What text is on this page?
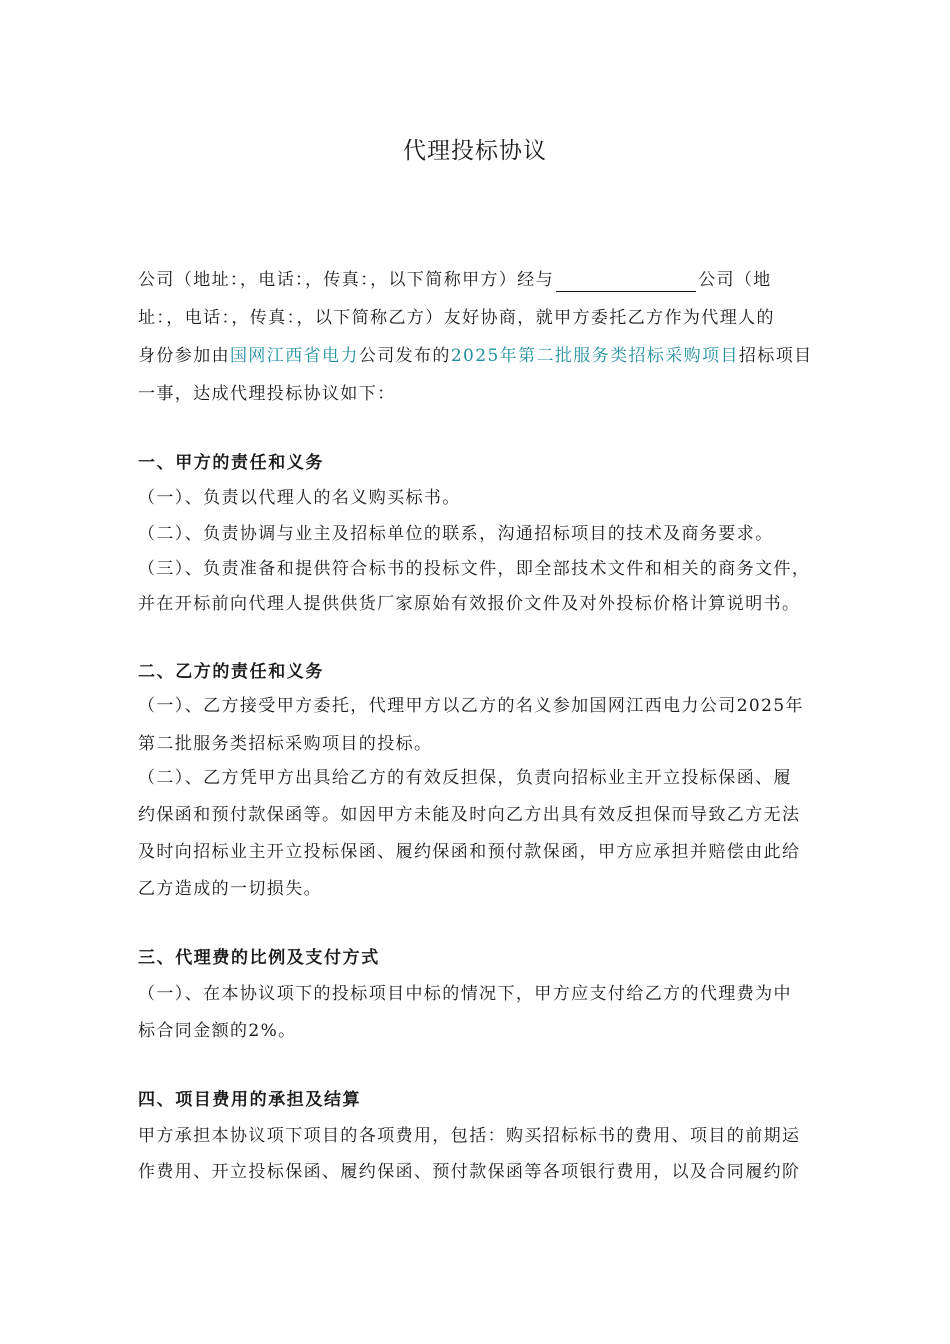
代理投标协议
公司（地址：，电话：，传真：，以下简称甲方）经与	公司（地
址：，电话：，传真：，以下简称乙方）友好协商，就甲方委托乙方作为代理人的
身份参加由国网江西省电力公司发布的2025年第二批服务类招标采购项目招标项目
一事，达成代理投标协议如下：
一、甲方的责任和义务
（一）、负责以代理人的名义购买标书。
（二）、负责协调与业主及招标单位的联系，沟通招标项目的技术及商务要求。
（三）、负责准备和提供符合标书的投标文件，即全部技术文件和相关的商务文件，
并在开标前向代理人提供供货厂家原始有效报价文件及对外投标价格计算说明书。
二、乙方的责任和义务
（一）、乙方接受甲方委托，代理甲方以乙方的名义参加国网江西电力公司2025年
第二批服务类招标采购项目的投标。
（二）、乙方凭甲方出具给乙方的有效反担保，负责向招标业主开立投标保函、履
约保函和预付款保函等。如因甲方未能及时向乙方出具有效反担保而导致乙方无法
及时向招标业主开立投标保函、履约保函和预付款保函，甲方应承担并赔偿由此给
乙方造成的一切损失。
三、代理费的比例及支付方式
（一）、在本协议项下的投标项目中标的情况下，甲方应支付给乙方的代理费为中
标合同金额的2%。
四、项目费用的承担及结算
甲方承担本协议项下项目的各项费用，包括：购买招标标书的费用、项目的前期运
作费用、开立投标保函、履约保函、预付款保函等各项银行费用，以及合同履约阶
